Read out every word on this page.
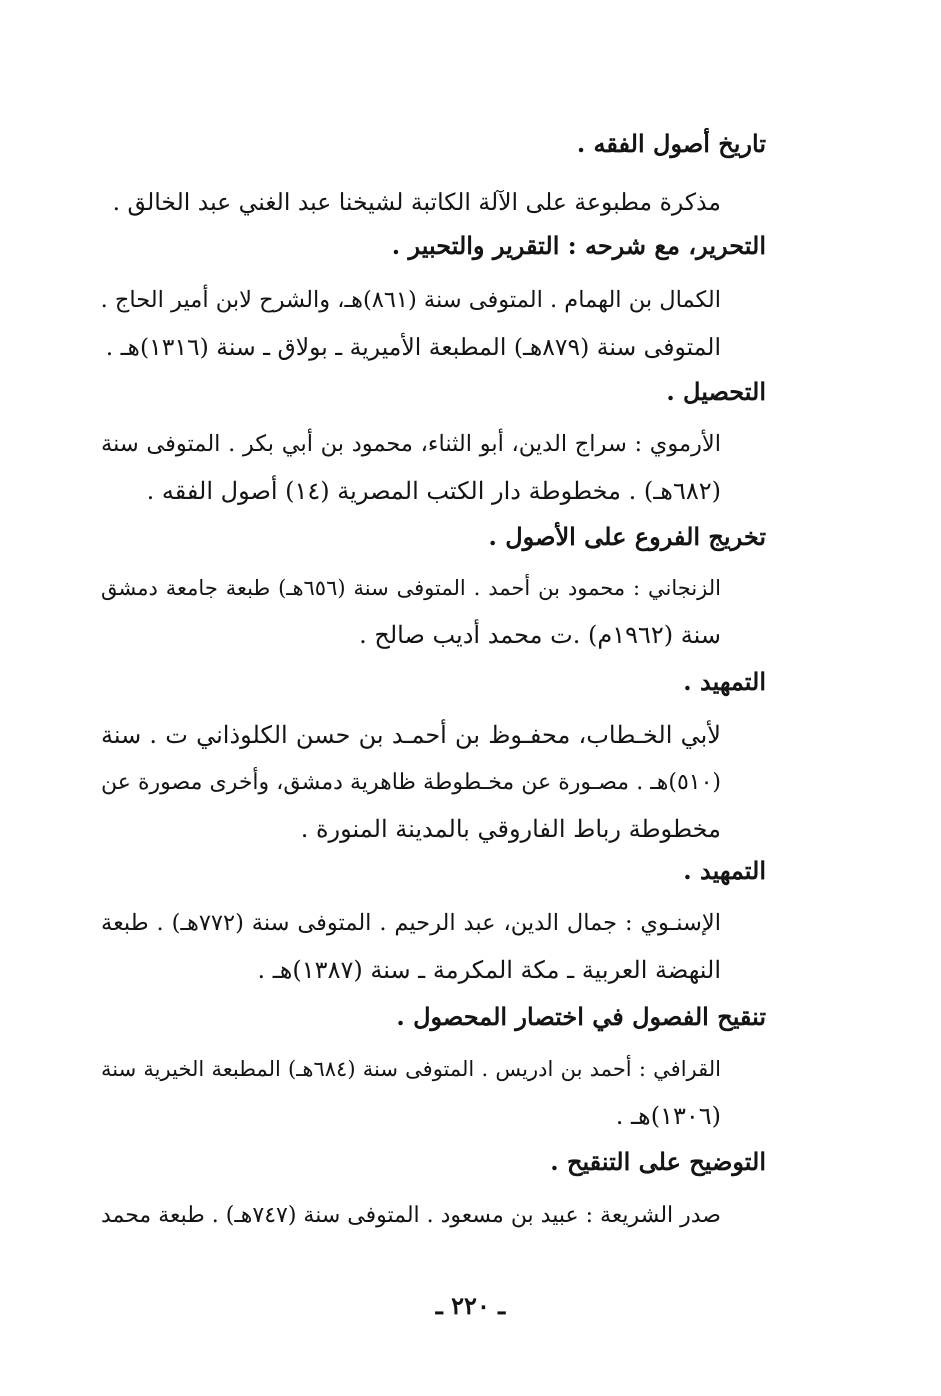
تاريخ أصول الفقه .
مذكرة مطبوعة على الآلة الكاتبة لشيخنا عبد الغني عبد الخالق .
التحرير، مع شرحه : التقرير والتحبير .
الكمال بن الهمام . المتوفى سنة (٨٦١)هـ، والشرح لابن أمير الحاج .
المتوفى سنة (٨٧٩هـ) المطبعة الأميرية ـ بولاق ـ سنة (١٣١٦)هـ .
التحصيل .
الأرموي : سراج الدين، أبو الثناء، محمود بن أبي بكر . المتوفى سنة
(٦٨٢هـ) . مخطوطة دار الكتب المصرية (١٤) أصول الفقه .
تخريج الفروع على الأصول .
الزنجاني : محمود بن أحمد . المتوفى سنة (٦٥٦هـ) طبعة جامعة دمشق
سنة (١٩٦٢م) .ت محمد أديب صالح .
التمهيد .
لأبي الخـطاب، محفـوظ بن أحمـد بن حسن الكلوذاني ت . سنة
(٥١٠)هـ . مصـورة عن مخـطوطة ظاهرية دمشق، وأخرى مصورة عن
مخطوطة رباط الفاروقي بالمدينة المنورة .
التمهيد .
الإسنـوي : جمال الدين، عبد الرحيم . المتوفى سنة (٧٧٢هـ) . طبعة
النهضة العربية ـ مكة المكرمة ـ سنة (١٣٨٧)هـ .
تنقيح الفصول في اختصار المحصول .
القرافي : أحمد بن ادريس . المتوفى سنة (٦٨٤هـ) المطبعة الخيرية سنة
(١٣٠٦)هـ .
التوضيح على التنقيح .
صدر الشريعة : عبيد بن مسعود . المتوفى سنة (٧٤٧هـ) . طبعة محمد
ـ ٢٢٠ ـ
